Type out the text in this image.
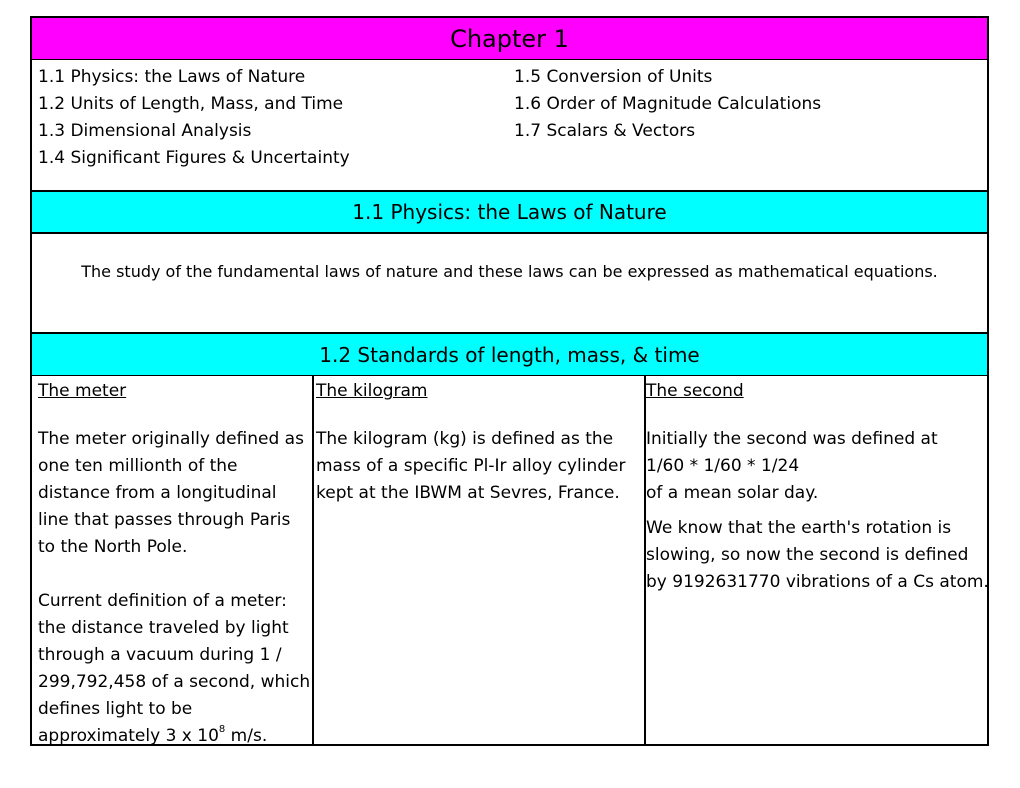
Chapter 1
1.1 Physics: the Laws of Nature
1.2 Units of Length, Mass, and Time
1.3 Dimensional Analysis
1.4 Significant Figures & Uncertainty
1.5 Conversion of Units
1.6 Order of Magnitude Calculations
1.7 Scalars & Vectors
1.1 Physics: the Laws of Nature

The study of the fundamental laws of nature and these laws can be expressed as mathematical equations.

1.2 Standards of length, mass, & time
The meter

The meter originally defined as one ten millionth of the distance from a longitudinal line that passes through Paris to the North Pole.

Current definition of a meter: the distance traveled by light through a vacuum during 1 / 299,792,458 of a second, which defines light to be approximately 3 x $10^8$ m/s.

The kilogram

The kilogram (kg) is defined as the mass of a specific Pl-Ir alloy cylinder kept at the IBWM at Sevres, France.

The second

Initially the second was defined at

1/60 * 1/60 * 1/24

of a mean solar day.

We know that the earth's rotation is slowing, so now the second is defined by 9192631770 vibrations of a Cs atom.
